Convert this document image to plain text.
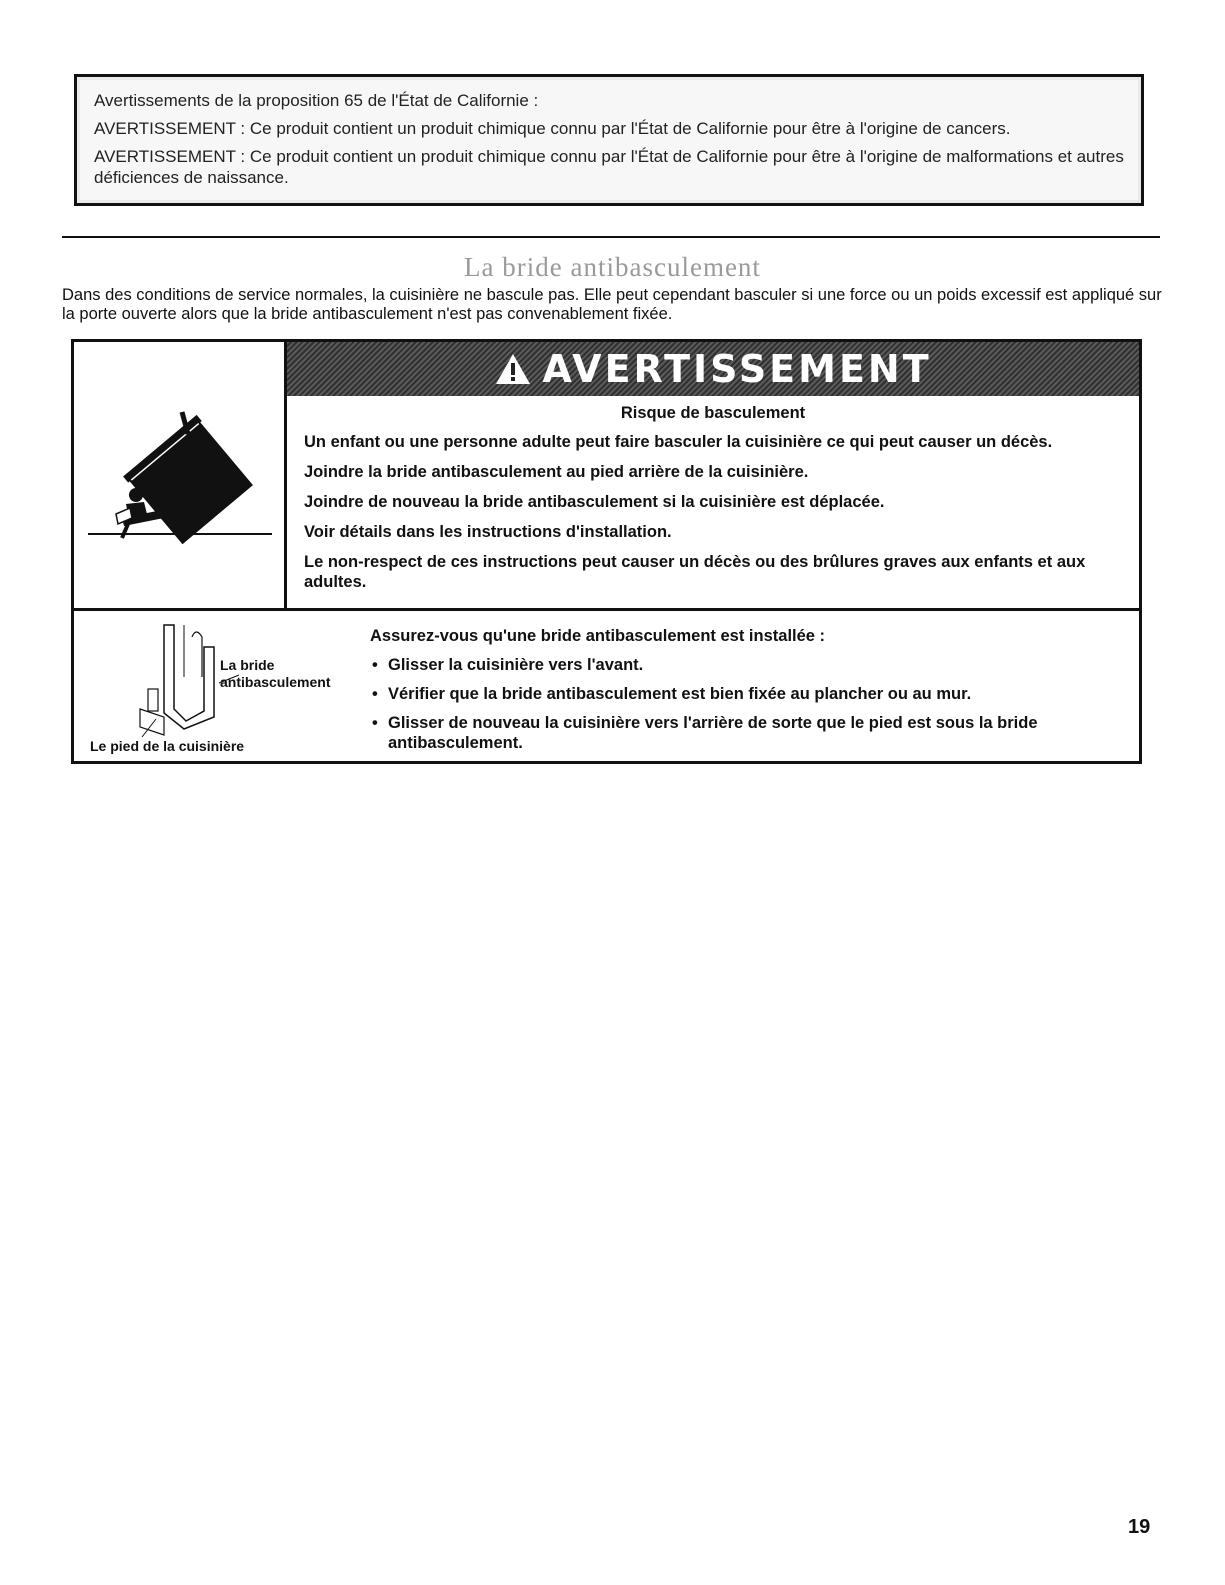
Avertissements de la proposition 65 de l'État de Californie :

AVERTISSEMENT : Ce produit contient un produit chimique connu par l'État de Californie pour être à l'origine de cancers.

AVERTISSEMENT : Ce produit contient un produit chimique connu par l'État de Californie pour être à l'origine de malformations et autres déficiences de naissance.

La bride antibasculement

Dans des conditions de service normales, la cuisinière ne bascule pas. Elle peut cependant basculer si une force ou un poids excessif est appliqué sur la porte ouverte alors que la bride antibasculement n'est pas convenablement fixée.

AVERTISSEMENT
Risque de basculement

Un enfant ou une personne adulte peut faire basculer la cuisinière ce qui peut causer un décès.

Joindre la bride antibasculement au pied arrière de la cuisinière.

Joindre de nouveau la bride antibasculement si la cuisinière est déplacée.

Voir détails dans les instructions d'installation.

Le non-respect de ces instructions peut causer un décès ou des brûlures graves aux enfants et aux adultes.

La bride
antibasculement
Le pied de la cuisinière
Assurez-vous qu'une bride antibasculement est installée :
• Glisser la cuisinière vers l'avant.
• Vérifier que la bride antibasculement est bien fixée au plancher ou au mur.
• Glisser de nouveau la cuisinière vers l'arrière de sorte que le pied est sous la bride antibasculement.
19
